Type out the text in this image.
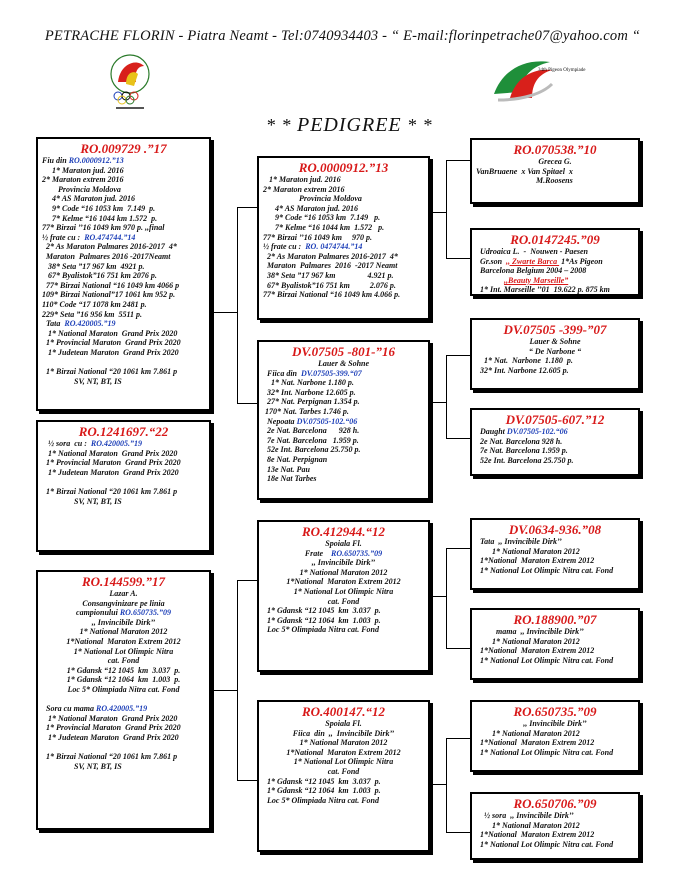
PETRACHE FLORIN - Piatra Neamt - Tel:0740934403 - “ E-mail:florinpetrache07@yahoo.com “
34th Pigeon Olympiade
* * PEDIGREE * *
RO.009729 .”17
Fiu din RO.0000912.”13
1* Maraton jud. 2016
2* Maraton extrem 2016
Provincia Moldova
4* AS Maraton jud. 2016
9* Code “16 1053 km  7.149  p.
7* Kelme “16 1044 km 1.572  p.
77* Birzai ’’16 1049 km 970 p. ,,final
½ frate cu :  RO.474744.”14
2* As Maraton Palmares 2016-2017  4*
Maraton  Palmares 2016 -2017Neamt
38* Seta ”17 967 km  4921 p.
67* Byalistok”16 751 km 2076 p.
77* Birzai National “16 1049 km 4066 p
109* Birzai National”17 1061 km 952 p.
110* Code “17 1078 km 2481 p.
229* Seta ”16 956 km  5511 p.
Tata  RO.420005.”19
1* National Maraton  Grand Prix 2020
1* Provincial Maraton  Grand Prix 2020
1* Judetean Maraton  Grand Prix 2020

1* Birzai National “20 1061 km 7.861 p
SV, NT, BT, IS
RO.1241697.“22
½ sora  cu :  RO.420005.”19
1* National Maraton  Grand Prix 2020
1* Provincial Maraton  Grand Prix 2020
1* Judetean Maraton  Grand Prix 2020

1* Birzai National “20 1061 km 7.861 p
SV, NT, BT, IS
RO.144599.”17
Lazar A.
Consangvinizare pe linia
campionului RO.650735.”09
,, Invincibile Dirk’’
1* National Maraton 2012
1*National  Maraton Extrem 2012
1* National Lot Olimpic Nitra
cat. Fond
1* Gdansk “12 1045  km  3.037  p.
1* Gdansk “12 1064  km  1.003  p.
Loc 5* Olimpiada Nitra cat. Fond

Sora cu mama RO.420005.”19
1* National Maraton  Grand Prix 2020
1* Provincial Maraton  Grand Prix 2020
1* Judetean Maraton  Grand Prix 2020

1* Birzai National “20 1061 km 7.861 p
SV, NT, BT, IS
RO.0000912.”13
1* Maraton jud. 2016
2* Maraton extrem 2016
Provincia Moldova
4* AS Maraton jud. 2016
9* Code “16 1053 km  7.149   p.
7* Kelme “16 1044 km  1.572   p.
77* Birzai ’’16 1049 km     970 p.
½ frate cu :  RO. 0474744.”14
2* As Maraton Palmares 2016-2017  4*
Maraton  Palmares  2016  -2017 Neamt
38* Seta ”17 967 km                4.921 p.
67* Byalistok”16 751 km          2.076 p.
77* Birzai National “16 1049 km 4.066 p.
DV.07505 -801-”16
Lauer & Sohne
Fiica din  DV.07505-399.“07
1* Nat. Narbone 1.180 p.
32* Int. Narbone 12.605 p.
27* Nat. Perpignan 1.354 p.
170* Nat. Tarbes 1.746 p.
Nepoata DV.07505-102.“06
2e Nat. Barcelona      928 h.
7e Nat. Barcelona   1.959 p.
52e Int. Barcelona 25.750 p.
8e Nat. Perpignan
13e Nat. Pau
18e Nat Tarbes
RO.412944.“12
Spoiala Fl.
Frate    RO.650735.”09
,, Invincibile Dirk’’
1* National Maraton 2012
1*National  Maraton Extrem 2012
1* National Lot Olimpic Nitra
cat. Fond
1* Gdansk “12 1045  km  3.037  p.
1* Gdansk “12 1064  km  1.003  p.
Loc 5* Olimpiada Nitra cat. Fond
RO.400147.“12
Spoiala Fl.
Fiica  din  ,,  Invincibile Dirk’’
1* National Maraton 2012
1*National  Maraton Extrem 2012
1* National Lot Olimpic Nitra
cat. Fond
1* Gdansk “12 1045  km  3.037  p.
1* Gdansk “12 1064  km  1.003  p.
Loc 5* Olimpiada Nitra cat. Fond
RO.070538.”10
Grecea G.
VanBruaene  x Van Spitael  x
M.Roosens
RO.0147245.”09
Udroaica L.  -  Nouwen - Paesen
Gr.son  ,, Zwarte Barca  1*As Pigeon
Barcelona Belgium 2004 – 2008
,,Beauty Marseille”
1* Int. Marseille ’’01  19.622 p. 875 km
DV.07505 -399-”07
Lauer & Sohne
“ De Narbone “
1* Nat.  Narbone  1.180  p.
32* Int. Narbone 12.605 p.
DV.07505-607.”12
Daught DV.07505-102.“06
2e Nat. Barcelona 928 h.
7e Nat. Barcelona 1.959 p.
52e Int. Barcelona 25.750 p.
DV.0634-936.”08
Tata  ,, Invincibile Dirk’’
1* National Maraton 2012
1*National  Maraton Extrem 2012
1* National Lot Olimpic Nitra cat. Fond
RO.188900.”07
mama  ,, Invincibile Dirk’’
1* National Maraton 2012
1*National  Maraton Extrem 2012
1* National Lot Olimpic Nitra cat. Fond
RO.650735.”09
,, Invincibile Dirk’’
1* National Maraton 2012
1*National  Maraton Extrem 2012
1* National Lot Olimpic Nitra cat. Fond
RO.650706.”09
½ sora  ,, Invincibile Dirk’’
1* National Maraton 2012
1*National  Maraton Extrem 2012
1* National Lot Olimpic Nitra cat. Fond
